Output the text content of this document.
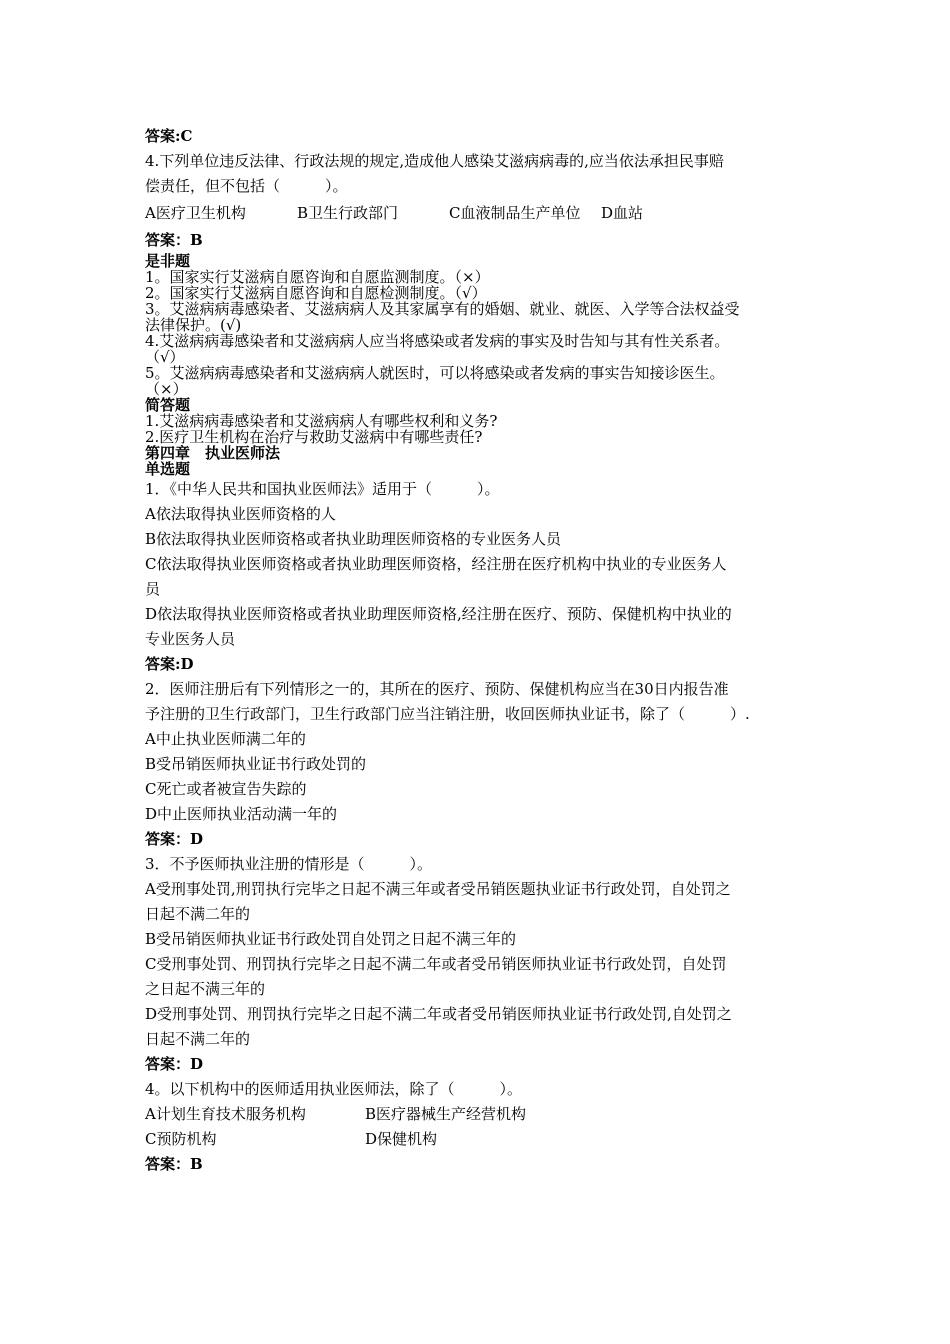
答案:C
4.下列单位违反法律、行政法规的规定,造成他人感染艾滋病病毒的,应当依法承担民事赔
偿责任，但不包括（　　　）。
A医疗卫生机构	B卫生行政部门	C血液制品生产单位	D血站
答案：B
是非题
1。国家实行艾滋病自愿咨询和自愿监测制度。（×）
2。国家实行艾滋病自愿咨询和自愿检测制度。（√）
3。艾滋病病毒感染者、艾滋病病人及其家属享有的婚姻、就业、就医、入学等合法权益受
法律保护。(√)
4.艾滋病病毒感染者和艾滋病病人应当将感染或者发病的事实及时告知与其有性关系者。
（√）
5。艾滋病病毒感染者和艾滋病病人就医时，可以将感染或者发病的事实告知接诊医生。
（×）
简答题
1.艾滋病病毒感染者和艾滋病病人有哪些权利和义务?
2.医疗卫生机构在治疗与救助艾滋病中有哪些责任?
第四章　执业医师法
单选题
1．《中华人民共和国执业医师法》适用于（　　　）。
A依法取得执业医师资格的人
B依法取得执业医师资格或者执业助理医师资格的专业医务人员
C依法取得执业医师资格或者执业助理医师资格，经注册在医疗机构中执业的专业医务人
员
D依法取得执业医师资格或者执业助理医师资格,经注册在医疗、预防、保健机构中执业的
专业医务人员
答案:D
2．医师注册后有下列情形之一的，其所在的医疗、预防、保健机构应当在30日内报告准
予注册的卫生行政部门，卫生行政部门应当注销注册，收回医师执业证书，除了（　　　）.
A中止执业医师满二年的
B受吊销医师执业证书行政处罚的
C死亡或者被宣告失踪的
D中止医师执业活动满一年的
答案：D
3．不予医师执业注册的情形是（　　　）。
A受刑事处罚,刑罚执行完毕之日起不满三年或者受吊销医题执业证书行政处罚，自处罚之
日起不满二年的
B受吊销医师执业证书行政处罚自处罚之日起不满三年的
C受刑事处罚、刑罚执行完毕之日起不满二年或者受吊销医师执业证书行政处罚，自处罚
之日起不满三年的
D受刑事处罚、刑罚执行完毕之日起不满二年或者受吊销医师执业证书行政处罚,自处罚之
日起不满二年的
答案：D
4。以下机构中的医师适用执业医师法，除了（　　　）。
A计划生育技术服务机构	B医疗器械生产经营机构
C预防机构	D保健机构
答案：B
